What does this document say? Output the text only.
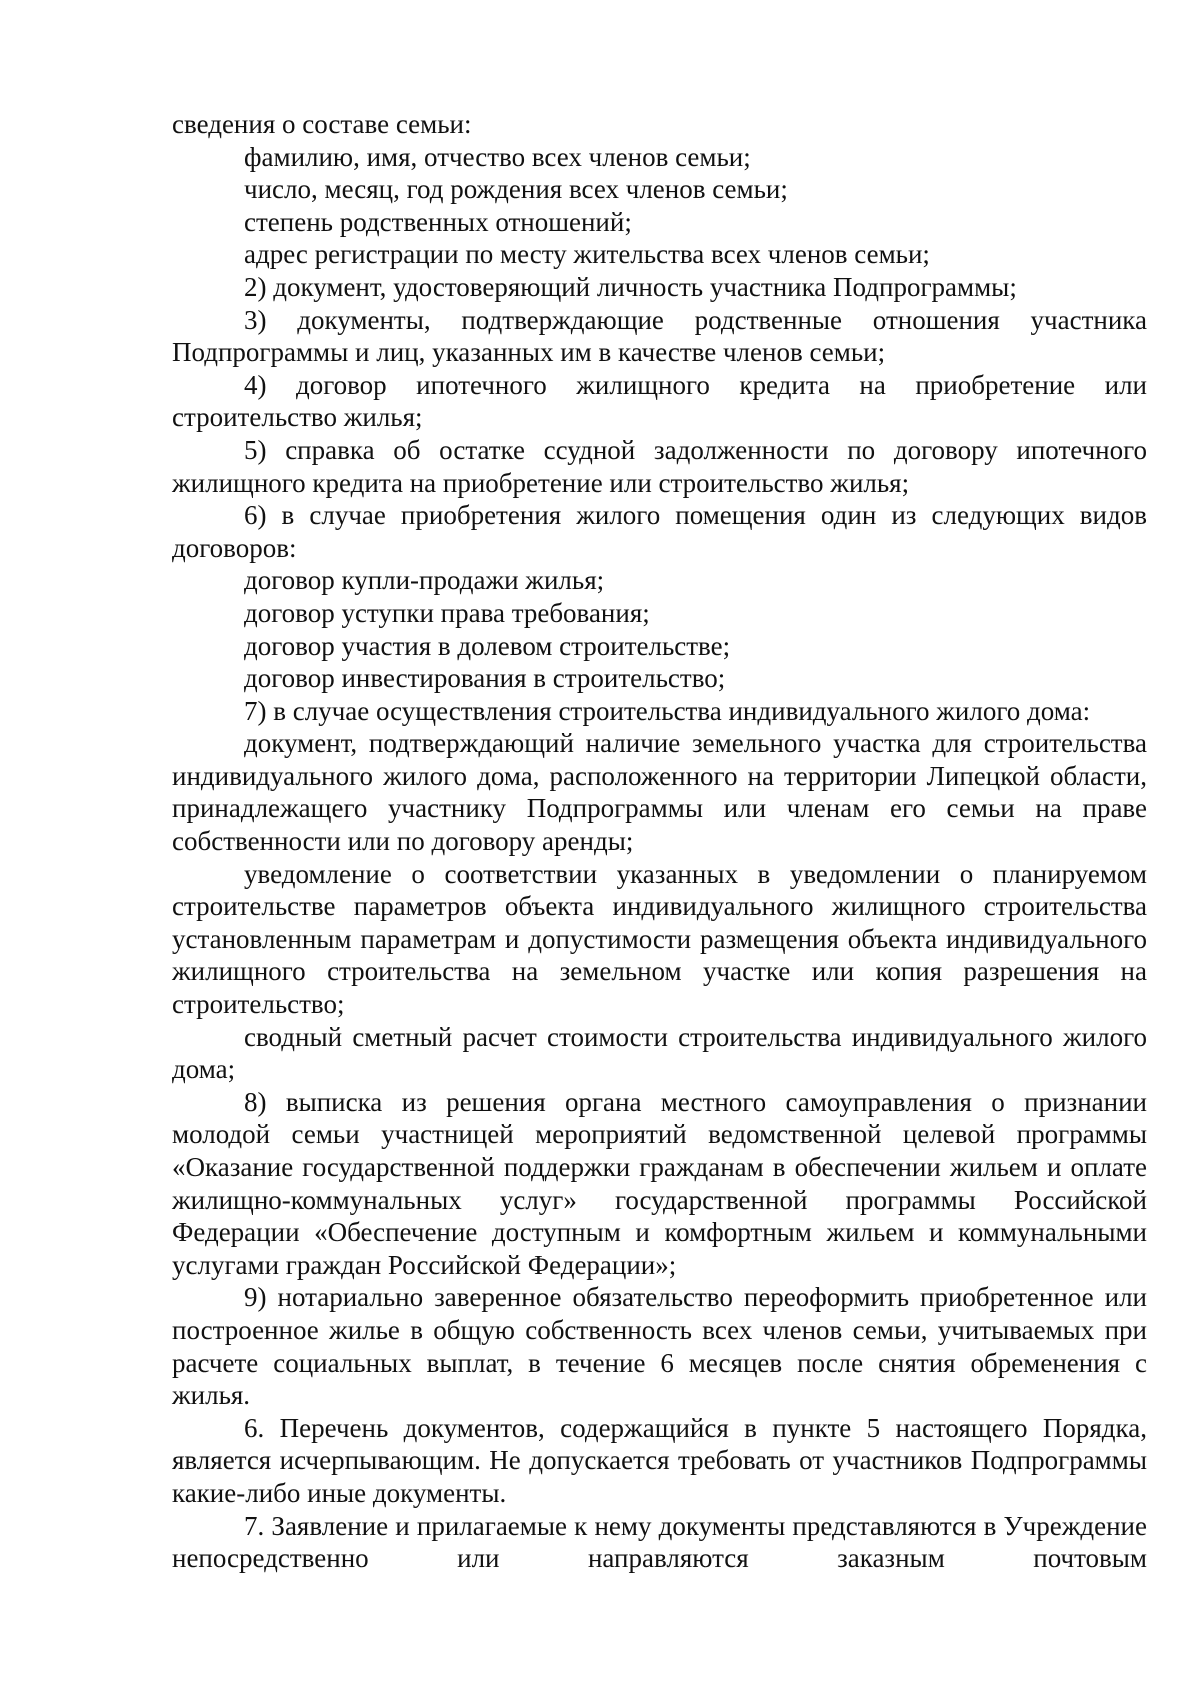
сведения о составе семьи:

фамилию, имя, отчество всех членов семьи;

число, месяц, год рождения всех членов семьи;

степень родственных отношений;

адрес регистрации по месту жительства всех членов семьи;

2) документ, удостоверяющий личность участника Подпрограммы;

3) документы, подтверждающие родственные отношения участника Подпрограммы и лиц, указанных им в качестве членов семьи;

4) договор ипотечного жилищного кредита на приобретение или строительство жилья;

5) справка об остатке ссудной задолженности по договору ипотечного жилищного кредита на приобретение или строительство жилья;

6) в случае приобретения жилого помещения один из следующих видов договоров:

договор купли-продажи жилья;

договор уступки права требования;

договор участия в долевом строительстве;

договор инвестирования в строительство;

7) в случае осуществления строительства индивидуального жилого дома:

документ, подтверждающий наличие земельного участка для строительства индивидуального жилого дома, расположенного на территории Липецкой области, принадлежащего участнику Подпрограммы или членам его семьи на праве собственности или по договору аренды;

уведомление о соответствии указанных в уведомлении о планируемом строительстве параметров объекта индивидуального жилищного строительства установленным параметрам и допустимости размещения объекта индивидуального жилищного строительства на земельном участке или копия разрешения на строительство;

сводный сметный расчет стоимости строительства индивидуального жилого дома;

8) выписка из решения органа местного самоуправления о признании молодой семьи участницей мероприятий ведомственной целевой программы «Оказание государственной поддержки гражданам в обеспечении жильем и оплате жилищно-коммунальных услуг» государственной программы Российской Федерации «Обеспечение доступным и комфортным жильем и коммунальными услугами граждан Российской Федерации»;

9) нотариально заверенное обязательство переоформить приобретенное или построенное жилье в общую собственность всех членов семьи, учитываемых при расчете социальных выплат, в течение 6 месяцев после снятия обременения с жилья.

6. Перечень документов, содержащийся в пункте 5 настоящего Порядка, является исчерпывающим. Не допускается требовать от участников Подпрограммы какие-либо иные документы.

7. Заявление и прилагаемые к нему документы представляются в Учреждение непосредственно или направляются заказным почтовым
